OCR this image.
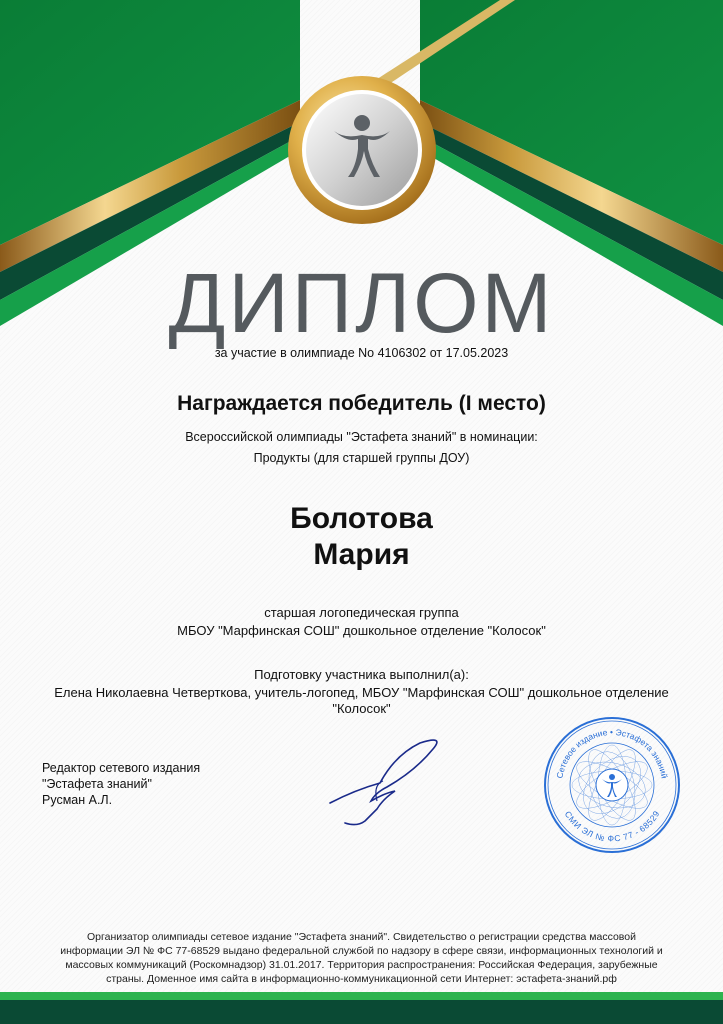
ДИПЛОМ
за участие в олимпиаде No 4106302 от 17.05.2023
Награждается победитель (I место)
Всероссийской олимпиады "Эстафета знаний" в номинации:
Продукты (для старшей группы ДОУ)
Болотова
Мария
старшая логопедическая группа
МБОУ "Марфинская СОШ" дошкольное отделение "Колосок"
Подготовку участника выполнил(а):
Елена Николаевна Четверткова, учитель-логопед, МБОУ "Марфинская СОШ" дошкольное отделение
"Колосок"
Редактор сетевого издания
"Эстафета знаний"
Русман А.Л.
Сетевое издание • Эстафета знаний
СМИ ЭЛ № ФС 77 - 68529
Организатор олимпиады сетевое издание "Эстафета знаний". Свидетельство о регистрации средства массовой
информации ЭЛ № ФС 77-68529 выдано федеральной службой по надзору в сфере связи, информационных технологий и
массовых коммуникаций (Роскомнадзор) 31.01.2017. Территория распространения: Российская Федерация, зарубежные
страны. Доменное имя сайта в информационно-коммуникационной сети Интернет: эстафета-знаний.рф
